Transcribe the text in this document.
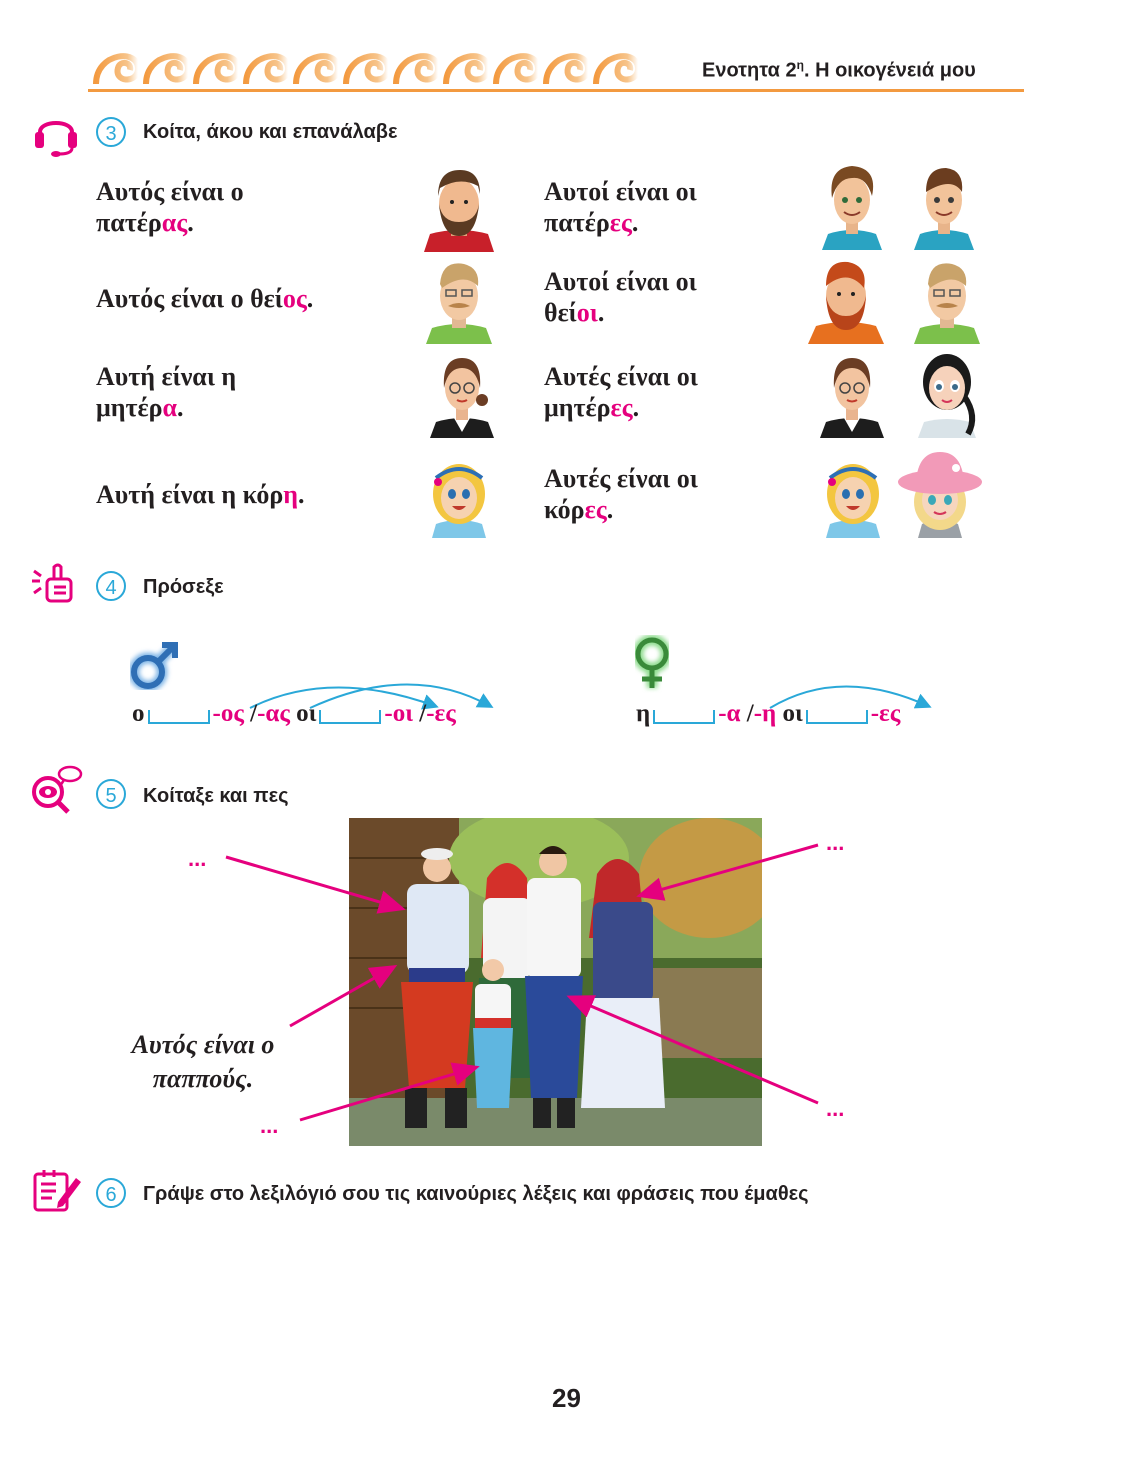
Ενοτητα $2^\eta$. Η οικογένειά μου
3	Κοίτα, άκου και επανάλαβε
Αυτός είναι ο
πατέρας.
Αυτός είναι ο θείος.
Αυτή είναι η
μητέρα.
Αυτή είναι η κόρη.
Αυτοί είναι οι
πατέρες.
Αυτοί είναι οι
θείοι.
Αυτές είναι οι
μητέρες.
Αυτές είναι οι
κόρες.
4	Πρόσεξε
ο	-ος /-ας οι	-οι /-ες	η	-α /-η οι	-ες
5	Κοίταξε και πες
...
...
...
...
Αυτός είναι ο
παππούς.
6	Γράψε στο λεξιλόγιό σου τις καινούριες λέξεις και φράσεις που έμαθες
29
